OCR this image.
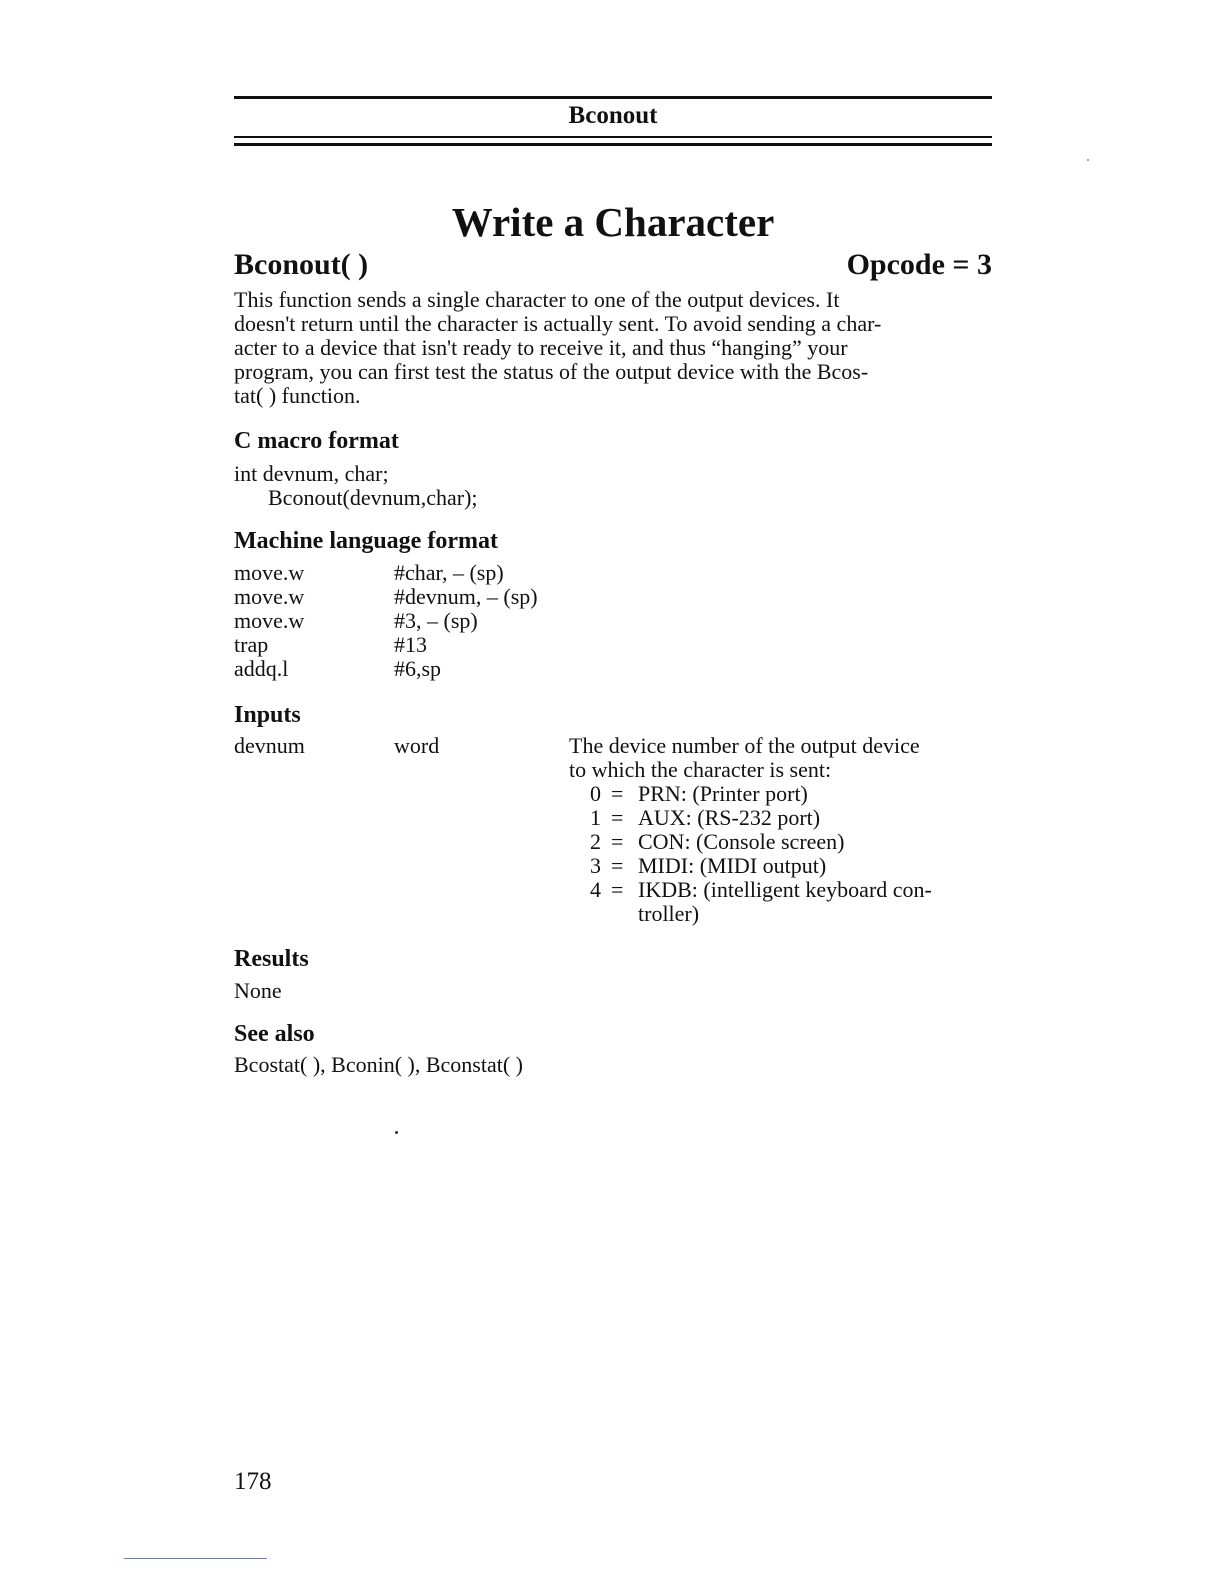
Bconout
Write a Character
Bconout( )	Opcode = 3
This function sends a single character to one of the output devices. It
doesn't return until the character is actually sent. To avoid sending a char-
acter to a device that isn't ready to receive it, and thus “hanging” your
program, you can first test the status of the output device with the Bcos-
tat( ) function.
C macro format
int devnum, char;
Bconout(devnum,char);
Machine language format
move.w	#char, – (sp)
move.w	#devnum, – (sp)
move.w	#3, – (sp)
trap	#13
addq.l	#6,sp
Inputs
devnum	word	The device number of the output device
to which the character is sent:
0 = PRN: (Printer port)
1 = AUX: (RS-232 port)
2 = CON: (Console screen)
3 = MIDI: (MIDI output)
4 = IKDB: (intelligent keyboard con-
troller)
Results
None
See also
Bcostat( ), Bconin( ), Bconstat( )
178
